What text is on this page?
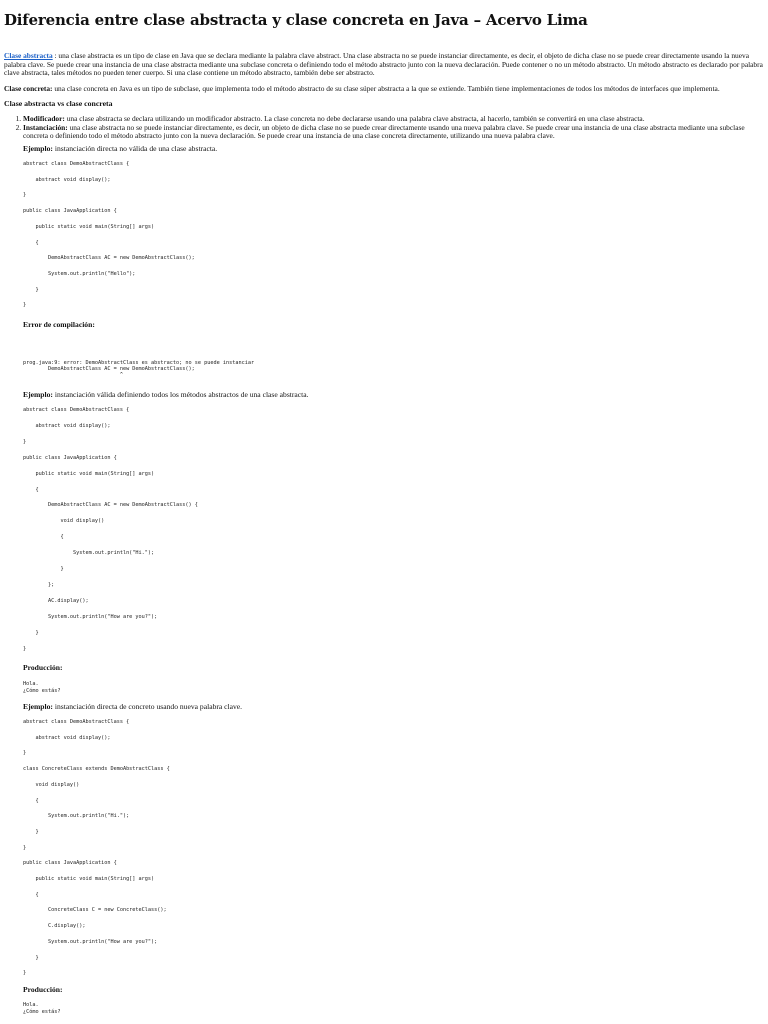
Diferencia entre clase abstracta y clase concreta en Java – Acervo Lima

Clase abstracta : una clase abstracta es un tipo de clase en Java que se declara mediante la palabra clave abstract. Una clase abstracta no se puede instanciar directamente, es decir, el objeto de dicha clase no se puede crear directamente usando la nueva palabra clave. Se puede crear una instancia de una clase abstracta mediante una subclase concreta o definiendo todo el método abstracto junto con la nueva declaración. Puede contener o no un método abstracto. Un método abstracto es declarado por palabra clave abstracta, tales métodos no pueden tener cuerpo. Si una clase contiene un método abstracto, también debe ser abstracto.

Clase concreta: una clase concreta en Java es un tipo de subclase, que implementa todo el método abstracto de su clase súper abstracta a la que se extiende. También tiene implementaciones de todos los métodos de interfaces que implementa.

Clase abstracta vs clase concreta

1. Modificador: una clase abstracta se declara utilizando un modificador abstracto. La clase concreta no debe declararse usando una palabra clave abstracta, al hacerlo, también se convertirá en una clase abstracta.
2. Instanciación: una clase abstracta no se puede instanciar directamente, es decir, un objeto de dicha clase no se puede crear directamente usando una nueva palabra clave. Se puede crear una instancia de una clase abstracta mediante una subclase concreta o definiendo todo el método abstracto junto con la nueva declaración. Se puede crear una instancia de una clase concreta directamente, utilizando una nueva palabra clave.
Ejemplo: instanciación directa no válida de una clase abstracta.
abstract class DemoAbstractClass {
abstract void display();
}
public class JavaApplication {
public static void main(String[] args)
{
DemoAbstractClass AC = new DemoAbstractClass();
System.out.println("Hello");
}
}
Error de compilación:
prog.java:9: error: DemoAbstractClass es abstracto; no se puede instanciar
DemoAbstractClass AC = new DemoAbstractClass();
^
Ejemplo: instanciación válida definiendo todos los métodos abstractos de una clase abstracta.
abstract class DemoAbstractClass {
abstract void display();
}
public class JavaApplication {
public static void main(String[] args)
{
DemoAbstractClass AC = new DemoAbstractClass() {
void display()
{
System.out.println("Hi.");
}
};
AC.display();
System.out.println("How are you?");
}
}
Producción:
Hola.
¿Cómo estás?
Ejemplo: instanciación directa de concreto usando nueva palabra clave.
abstract class DemoAbstractClass {
abstract void display();
}
class ConcreteClass extends DemoAbstractClass {
void display()
{
System.out.println("Hi.");
}
}
public class JavaApplication {
public static void main(String[] args)
{
ConcreteClass C = new ConcreteClass();
C.display();
System.out.println("How are you?");
}
}
Producción:
Hola.
¿Cómo estás?
